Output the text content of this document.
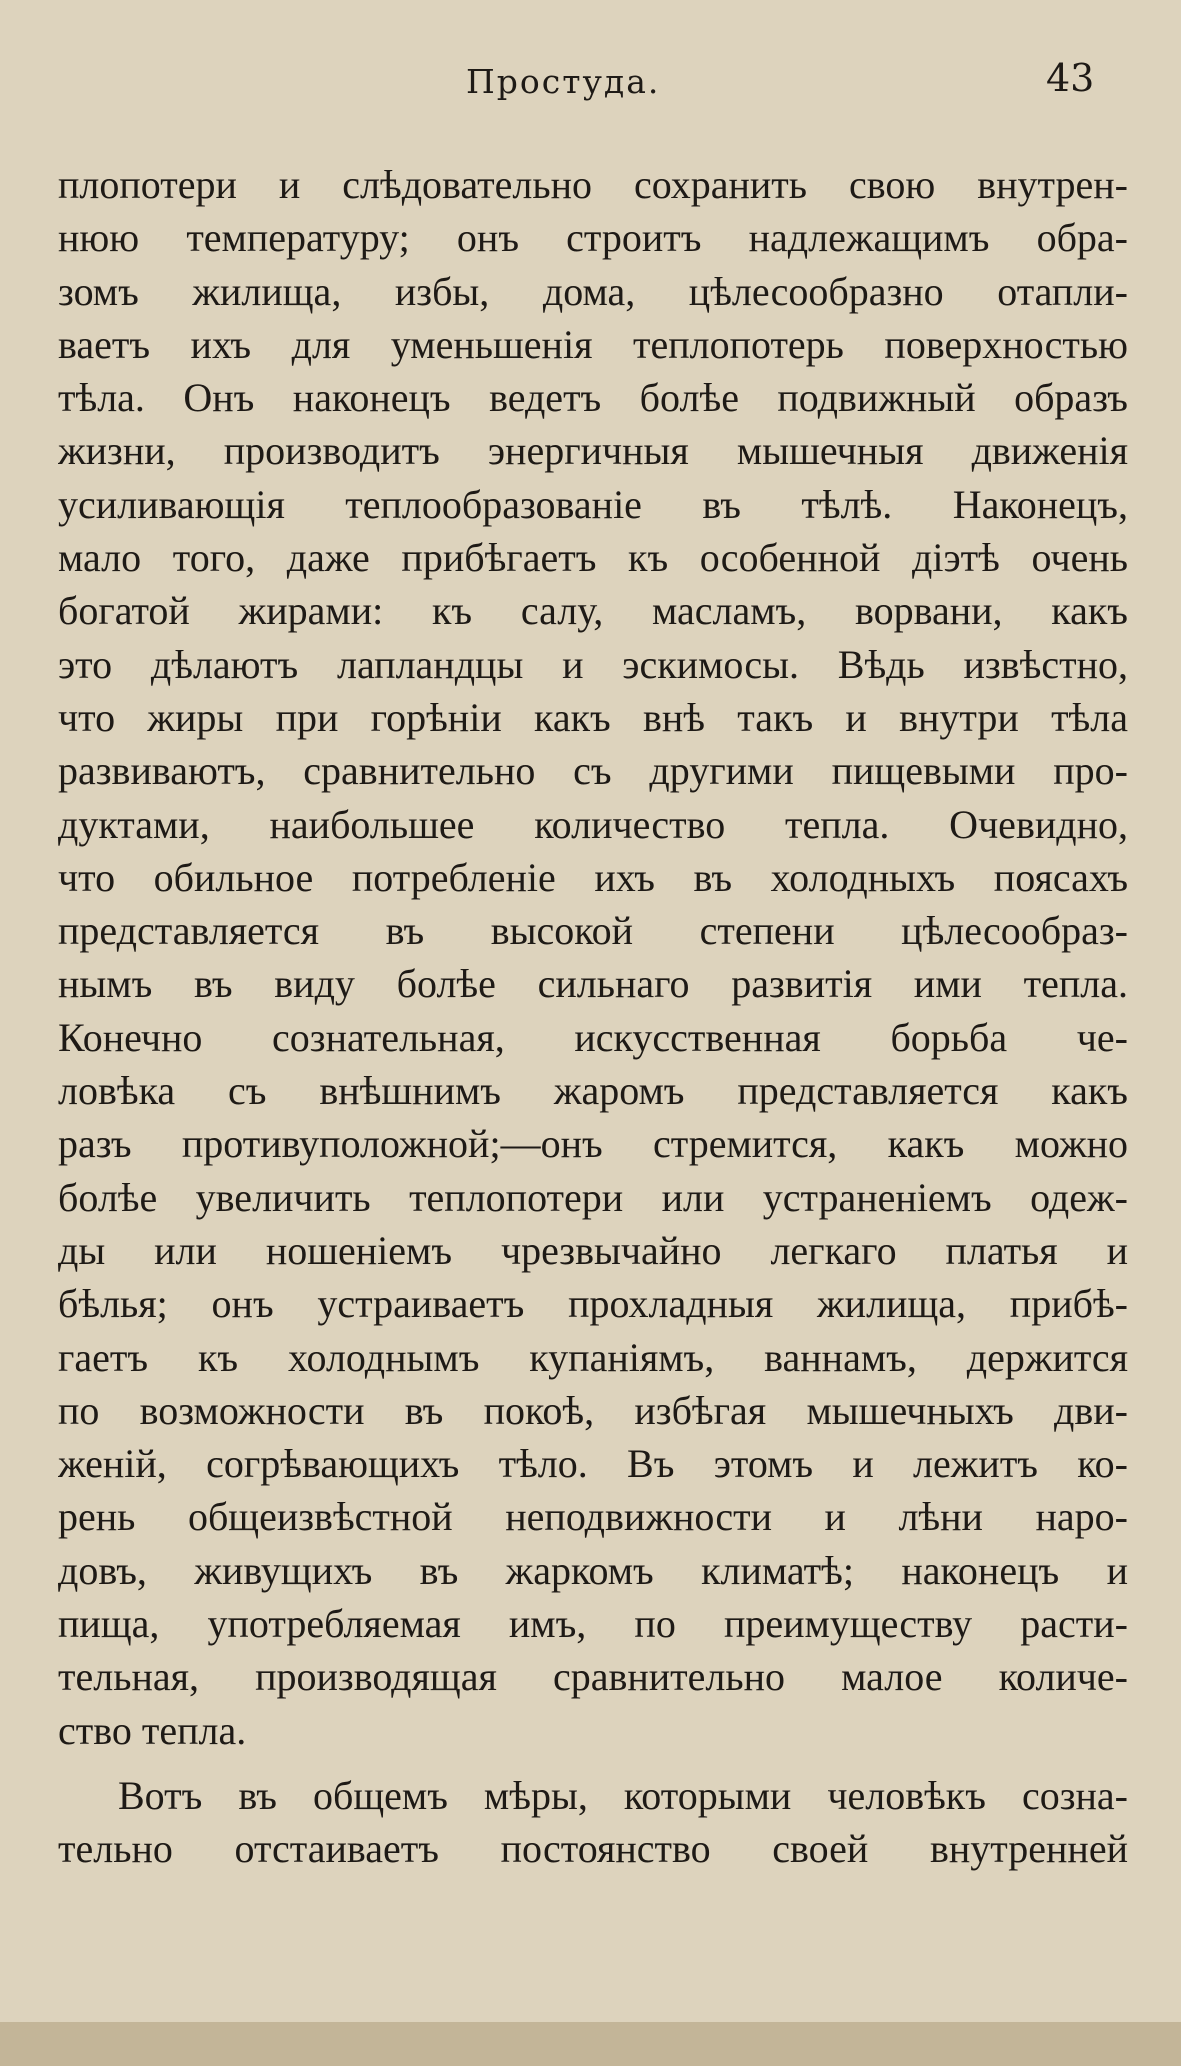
Простуда.	43
плопотери и слѣдовательно сохранить свою внутрен-
нюю температуру; онъ строитъ надлежащимъ обра-
зомъ жилища, избы, дома, цѣлесообразно отапли-
ваетъ ихъ для уменьшенія теплопотерь поверхностью
тѣла. Онъ наконецъ ведетъ болѣе подвижный образъ
жизни, производитъ энергичныя мышечныя движенія
усиливающія теплообразованіе въ тѣлѣ. Наконецъ,
мало того, даже прибѣгаетъ къ особенной діэтѣ очень
богатой жирами: къ салу, масламъ, ворвани, какъ
это дѣлаютъ лапландцы и эскимосы. Вѣдь извѣстно,
что жиры при горѣніи какъ внѣ такъ и внутри тѣла
развиваютъ, сравнительно съ другими пищевыми про-
дуктами, наибольшее количество тепла. Очевидно,
что обильное потребленіе ихъ въ холодныхъ поясахъ
представляется въ высокой степени цѣлесообраз-
нымъ въ виду болѣе сильнаго развитія ими тепла.
Конечно сознательная, искусственная борьба че-
ловѣка съ внѣшнимъ жаромъ представляется какъ
разъ противуположной;—онъ стремится, какъ можно
болѣе увеличить теплопотери или устраненіемъ одеж-
ды или ношеніемъ чрезвычайно легкаго платья и
бѣлья; онъ устраиваетъ прохладныя жилища, прибѣ-
гаетъ къ холоднымъ купаніямъ, ваннамъ, держится
по возможности въ покоѣ, избѣгая мышечныхъ дви-
женій, согрѣвающихъ тѣло. Въ этомъ и лежитъ ко-
рень общеизвѣстной неподвижности и лѣни наро-
довъ, живущихъ въ жаркомъ климатѣ; наконецъ и
пища, употребляемая имъ, по преимуществу расти-
тельная, производящая сравнительно малое количе-
ство тепла.
Вотъ въ общемъ мѣры, которыми человѣкъ созна-
тельно отстаиваетъ постоянство своей внутренней
